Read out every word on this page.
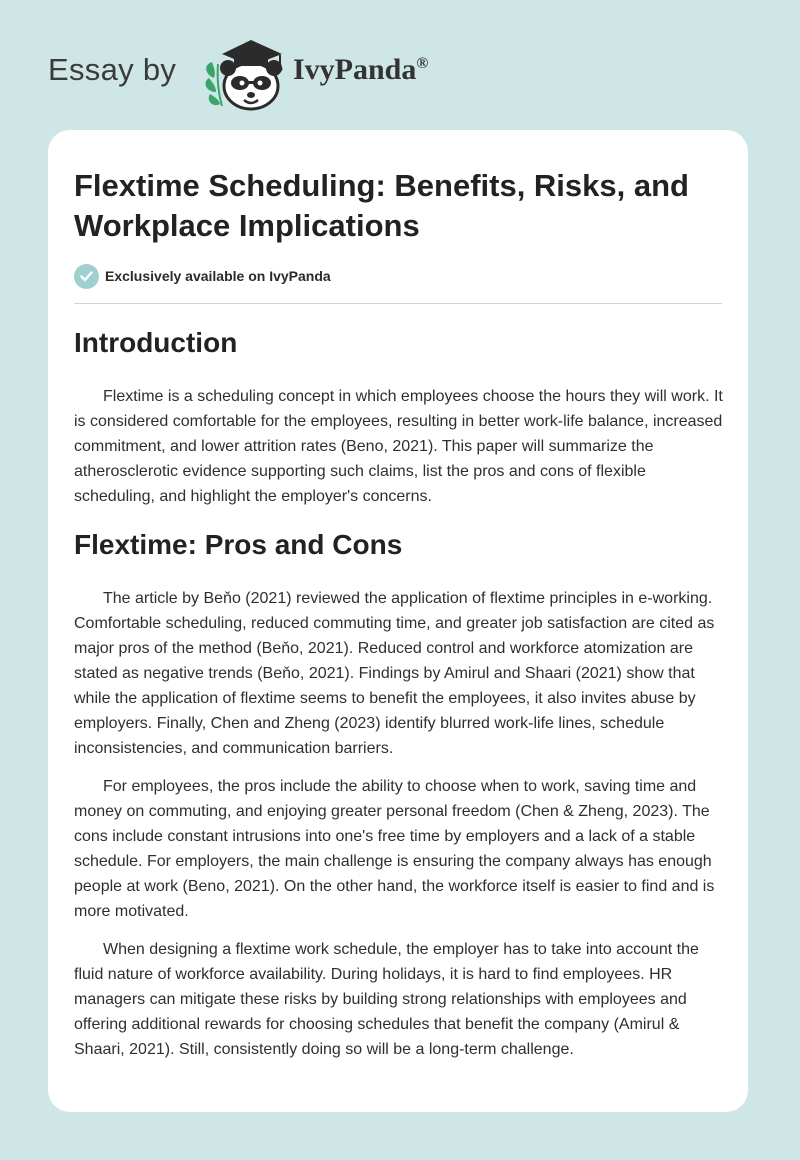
Essay by	IvyPanda®
Flextime Scheduling: Benefits, Risks, and Workplace Implications
Exclusively available on IvyPanda
Introduction

Flextime is a scheduling concept in which employees choose the hours they will work. It is considered comfortable for the employees, resulting in better work-life balance, increased commitment, and lower attrition rates (Beno, 2021). This paper will summarize the atherosclerotic evidence supporting such claims, list the pros and cons of flexible scheduling, and highlight the employer's concerns.

Flextime: Pros and Cons

The article by Beňo (2021) reviewed the application of flextime principles in e-working. Comfortable scheduling, reduced commuting time, and greater job satisfaction are cited as major pros of the method (Beňo, 2021). Reduced control and workforce atomization are stated as negative trends (Beňo, 2021). Findings by Amirul and Shaari (2021) show that while the application of flextime seems to benefit the employees, it also invites abuse by employers. Finally, Chen and Zheng (2023) identify blurred work-life lines, schedule inconsistencies, and communication barriers.

For employees, the pros include the ability to choose when to work, saving time and money on commuting, and enjoying greater personal freedom (Chen & Zheng, 2023). The cons include constant intrusions into one's free time by employers and a lack of a stable schedule. For employers, the main challenge is ensuring the company always has enough people at work (Beno, 2021). On the other hand, the workforce itself is easier to find and is more motivated.

When designing a flextime work schedule, the employer has to take into account the fluid nature of workforce availability. During holidays, it is hard to find employees. HR managers can mitigate these risks by building strong relationships with employees and offering additional rewards for choosing schedules that benefit the company (Amirul & Shaari, 2021). Still, consistently doing so will be a long-term challenge.
